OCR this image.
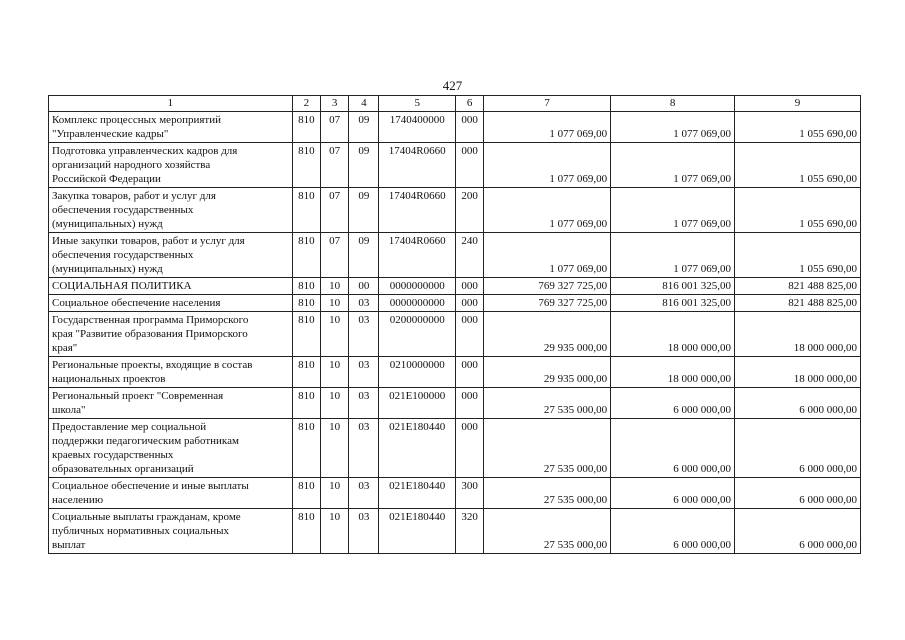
427
1	2	3	4	5	6	7	8	9

Комплекс процессных мероприятий
"Управленческие кадры"	810	07	09	1740400000	000	1 077 069,00	1 077 069,00	1 055 690,00

Подготовка управленческих кадров для
организаций народного хозяйства
Российской Федерации	810	07	09	17404R0660	000	1 077 069,00	1 077 069,00	1 055 690,00

Закупка товаров, работ и услуг для
обеспечения государственных
(муниципальных) нужд	810	07	09	17404R0660	200	1 077 069,00	1 077 069,00	1 055 690,00

Иные закупки товаров, работ и услуг для
обеспечения государственных
(муниципальных) нужд	810	07	09	17404R0660	240	1 077 069,00	1 077 069,00	1 055 690,00

СОЦИАЛЬНАЯ ПОЛИТИКА	810	10	00	0000000000	000	769 327 725,00	816 001 325,00	821 488 825,00

Социальное обеспечение населения	810	10	03	0000000000	000	769 327 725,00	816 001 325,00	821 488 825,00

Государственная программа Приморского
края "Развитие образования Приморского
края"	810	10	03	0200000000	000	29 935 000,00	18 000 000,00	18 000 000,00

Региональные проекты, входящие в состав
национальных проектов	810	10	03	0210000000	000	29 935 000,00	18 000 000,00	18 000 000,00

Региональный проект "Современная
школа"	810	10	03	021E100000	000	27 535 000,00	6 000 000,00	6 000 000,00

Предоставление мер социальной
поддержки педагогическим работникам
краевых государственных
образовательных организаций	810	10	03	021E180440	000	27 535 000,00	6 000 000,00	6 000 000,00

Социальное обеспечение и иные выплаты
населению	810	10	03	021E180440	300	27 535 000,00	6 000 000,00	6 000 000,00

Социальные выплаты гражданам, кроме
публичных нормативных социальных
выплат	810	10	03	021E180440	320	27 535 000,00	6 000 000,00	6 000 000,00
